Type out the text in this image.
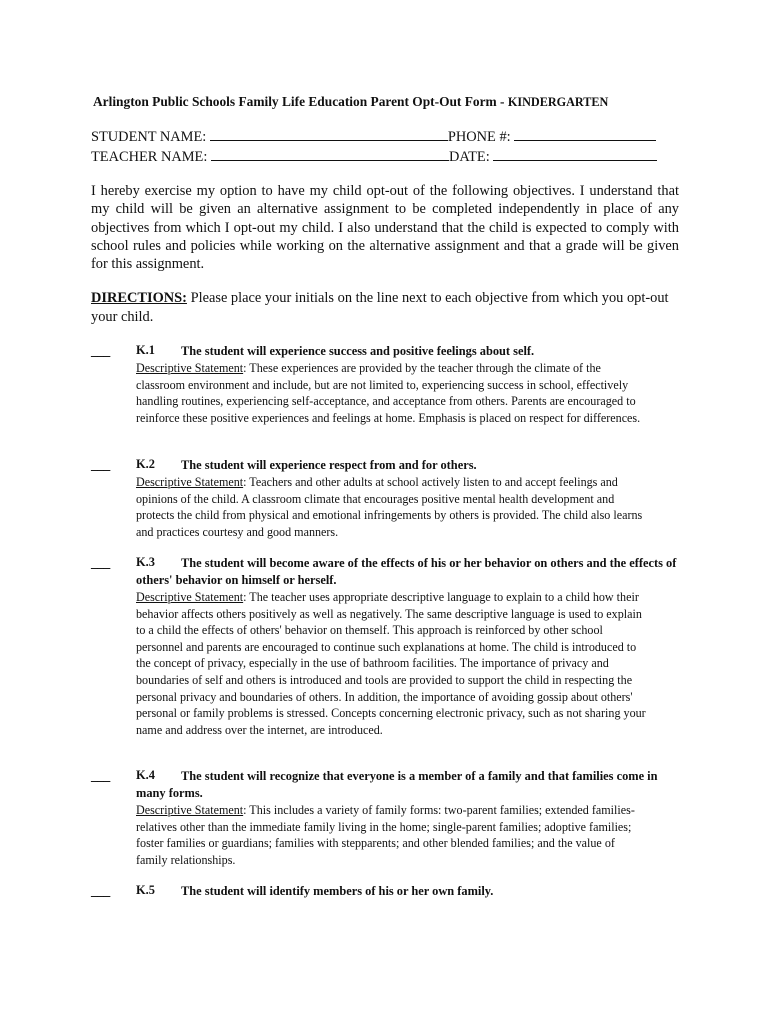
Arlington Public Schools Family Life Education Parent Opt-Out Form - KINDERGARTEN
STUDENT NAME:	PHONE #:
TEACHER NAME:	DATE:
I hereby exercise my option to have my child opt-out of the following objectives. I understand that my child will be given an alternative assignment to be completed independently in place of any objectives from which I opt-out my child. I also understand that the child is expected to comply with school rules and policies while working on the alternative assignment and that a grade will be given for this assignment.
DIRECTIONS: Please place your initials on the line next to each objective from which you opt-out your child.
___ K.1	The student will experience success and positive feelings about self.
Descriptive Statement: These experiences are provided by the teacher through the climate of the classroom environment and include, but are not limited to, experiencing success in school, effectively handling routines, experiencing self-acceptance, and acceptance from others. Parents are encouraged to reinforce these positive experiences and feelings at home. Emphasis is placed on respect for differences.
___ K.2	The student will experience respect from and for others.
Descriptive Statement: Teachers and other adults at school actively listen to and accept feelings and opinions of the child. A classroom climate that encourages positive mental health development and protects the child from physical and emotional infringements by others is provided. The child also learns and practices courtesy and good manners.
___ K.3	The student will become aware of the effects of his or her behavior on others and the effects of others' behavior on himself or herself.
Descriptive Statement: The teacher uses appropriate descriptive language to explain to a child how their behavior affects others positively as well as negatively. The same descriptive language is used to explain to a child the effects of others' behavior on themself. This approach is reinforced by other school personnel and parents are encouraged to continue such explanations at home. The child is introduced to the concept of privacy, especially in the use of bathroom facilities. The importance of privacy and boundaries of self and others is introduced and tools are provided to support the child in respecting the personal privacy and boundaries of others. In addition, the importance of avoiding gossip about others' personal or family problems is stressed. Concepts concerning electronic privacy, such as not sharing your name and address over the internet, are introduced.
___ K.4	The student will recognize that everyone is a member of a family and that families come in many forms.
Descriptive Statement: This includes a variety of family forms: two-parent families; extended families-relatives other than the immediate family living in the home; single-parent families; adoptive families; foster families or guardians; families with stepparents; and other blended families; and the value of family relationships.
___ K.5	The student will identify members of his or her own family.
